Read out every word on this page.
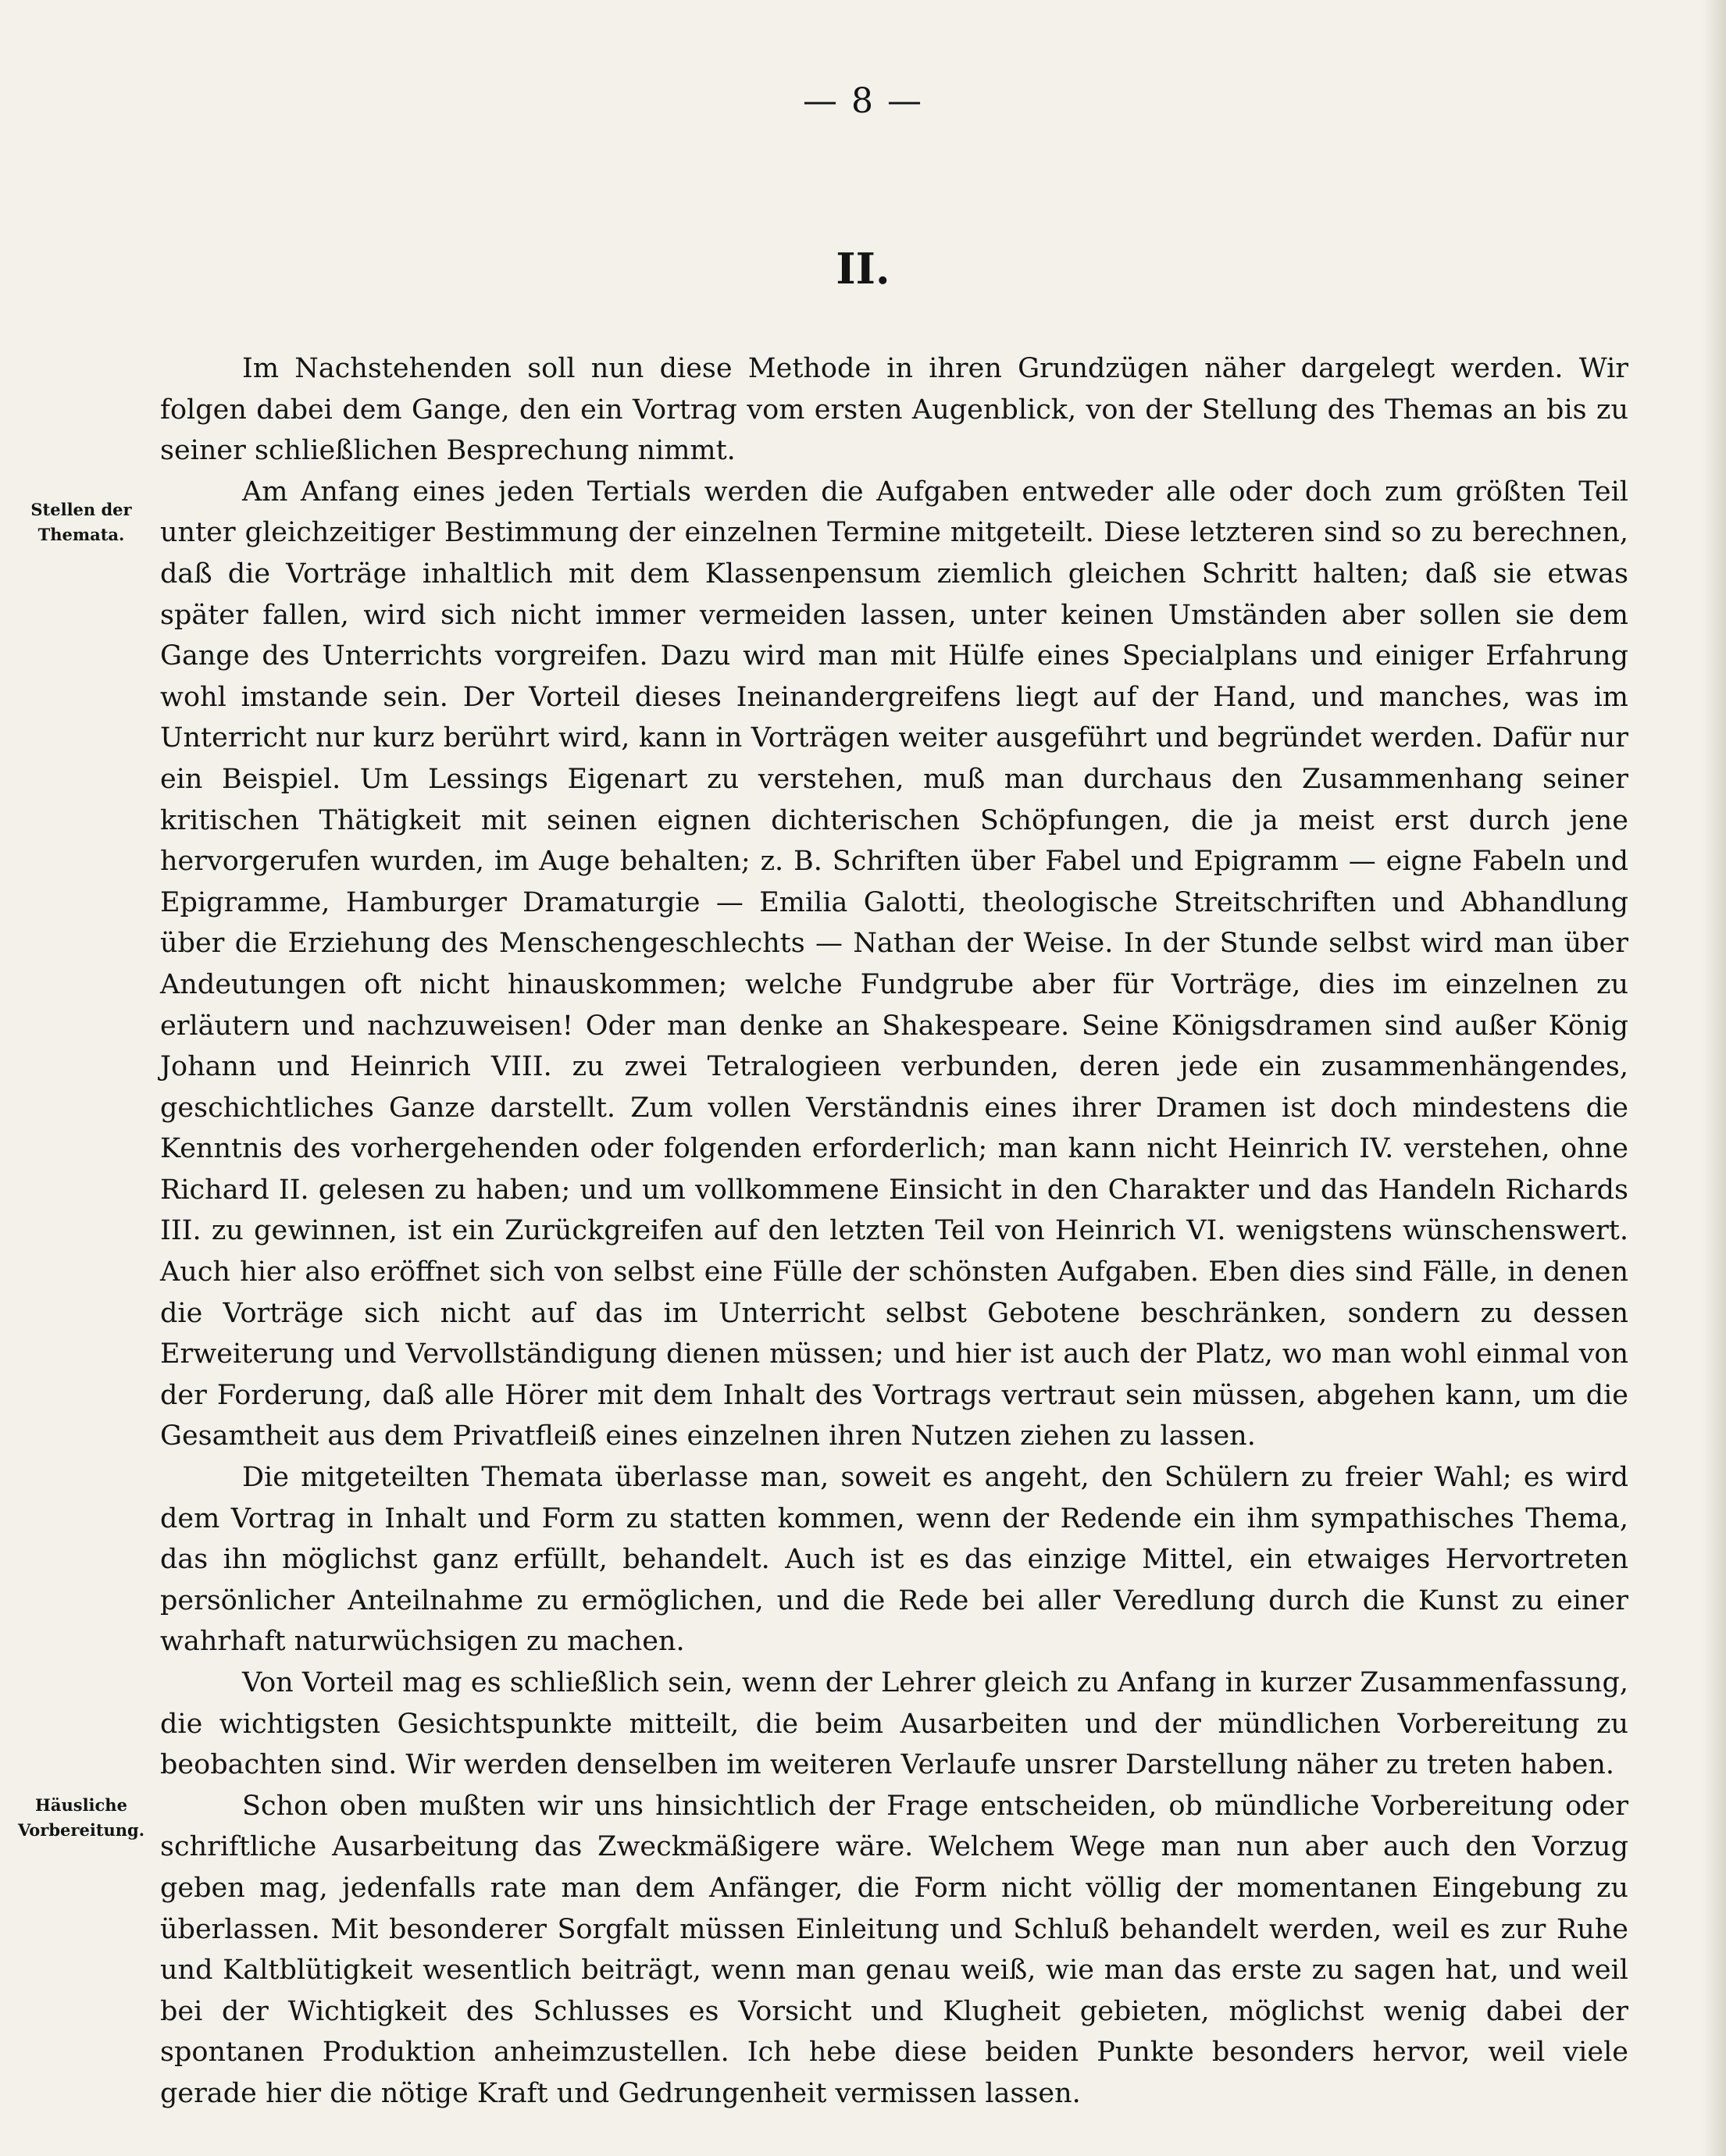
— 8 —
II.
Stellen der
Themata.
Häusliche
Vorbereitung.

Im Nachstehenden soll nun diese Methode in ihren Grundzügen näher dargelegt werden. Wir folgen dabei dem Gange, den ein Vortrag vom ersten Augenblick, von der Stellung des Themas an bis zu seiner schließlichen Besprechung nimmt.

Am Anfang eines jeden Tertials werden die Aufgaben entweder alle oder doch zum größten Teil unter gleichzeitiger Bestimmung der einzelnen Termine mitgeteilt. Diese letzteren sind so zu berechnen, daß die Vorträge inhaltlich mit dem Klassenpensum ziemlich gleichen Schritt halten; daß sie etwas später fallen, wird sich nicht immer vermeiden lassen, unter keinen Umständen aber sollen sie dem Gange des Unterrichts vorgreifen. Dazu wird man mit Hülfe eines Specialplans und einiger Erfahrung wohl imstande sein. Der Vorteil dieses Ineinandergreifens liegt auf der Hand, und manches, was im Unterricht nur kurz berührt wird, kann in Vorträgen weiter ausgeführt und begründet werden. Dafür nur ein Beispiel. Um Lessings Eigenart zu verstehen, muß man durchaus den Zusammenhang seiner kritischen Thätigkeit mit seinen eignen dichterischen Schöpfungen, die ja meist erst durch jene hervorgerufen wurden, im Auge behalten; z. B. Schriften über Fabel und Epigramm — eigne Fabeln und Epigramme, Hamburger Dramaturgie — Emilia Galotti, theologische Streitschriften und Abhandlung über die Erziehung des Menschengeschlechts — Nathan der Weise. In der Stunde selbst wird man über Andeutungen oft nicht hinauskommen; welche Fundgrube aber für Vorträge, dies im einzelnen zu erläutern und nachzuweisen! Oder man denke an Shakespeare. Seine Königsdramen sind außer König Johann und Heinrich VIII. zu zwei Tetralogieen verbunden, deren jede ein zusammenhängendes, geschichtliches Ganze darstellt. Zum vollen Verständnis eines ihrer Dramen ist doch mindestens die Kenntnis des vorhergehenden oder folgenden erforderlich; man kann nicht Heinrich IV. verstehen, ohne Richard II. gelesen zu haben; und um vollkommene Einsicht in den Charakter und das Handeln Richards III. zu gewinnen, ist ein Zurückgreifen auf den letzten Teil von Heinrich VI. wenigstens wünschenswert. Auch hier also eröffnet sich von selbst eine Fülle der schönsten Aufgaben. Eben dies sind Fälle, in denen die Vorträge sich nicht auf das im Unterricht selbst Gebotene beschränken, sondern zu dessen Erweiterung und Vervollständigung dienen müssen; und hier ist auch der Platz, wo man wohl einmal von der Forderung, daß alle Hörer mit dem Inhalt des Vortrags vertraut sein müssen, abgehen kann, um die Gesamtheit aus dem Privatfleiß eines einzelnen ihren Nutzen ziehen zu lassen.

Die mitgeteilten Themata überlasse man, soweit es angeht, den Schülern zu freier Wahl; es wird dem Vortrag in Inhalt und Form zu statten kommen, wenn der Redende ein ihm sympathisches Thema, das ihn möglichst ganz erfüllt, behandelt. Auch ist es das einzige Mittel, ein etwaiges Hervortreten persönlicher Anteilnahme zu ermöglichen, und die Rede bei aller Veredlung durch die Kunst zu einer wahrhaft naturwüchsigen zu machen.

Von Vorteil mag es schließlich sein, wenn der Lehrer gleich zu Anfang in kurzer Zusammenfassung, die wichtigsten Gesichtspunkte mitteilt, die beim Ausarbeiten und der mündlichen Vorbereitung zu beobachten sind. Wir werden denselben im weiteren Verlaufe unsrer Darstellung näher zu treten haben.

Schon oben mußten wir uns hinsichtlich der Frage entscheiden, ob mündliche Vorbereitung oder schriftliche Ausarbeitung das Zweckmäßigere wäre. Welchem Wege man nun aber auch den Vorzug geben mag, jedenfalls rate man dem Anfänger, die Form nicht völlig der momentanen Eingebung zu überlassen. Mit besonderer Sorgfalt müssen Einleitung und Schluß behandelt werden, weil es zur Ruhe und Kaltblütigkeit wesentlich beiträgt, wenn man genau weiß, wie man das erste zu sagen hat, und weil bei der Wichtigkeit des Schlusses es Vorsicht und Klugheit gebieten, möglichst wenig dabei der spontanen Produktion anheimzustellen. Ich hebe diese beiden Punkte besonders hervor, weil viele gerade hier die nötige Kraft und Gedrungenheit vermissen lassen.
